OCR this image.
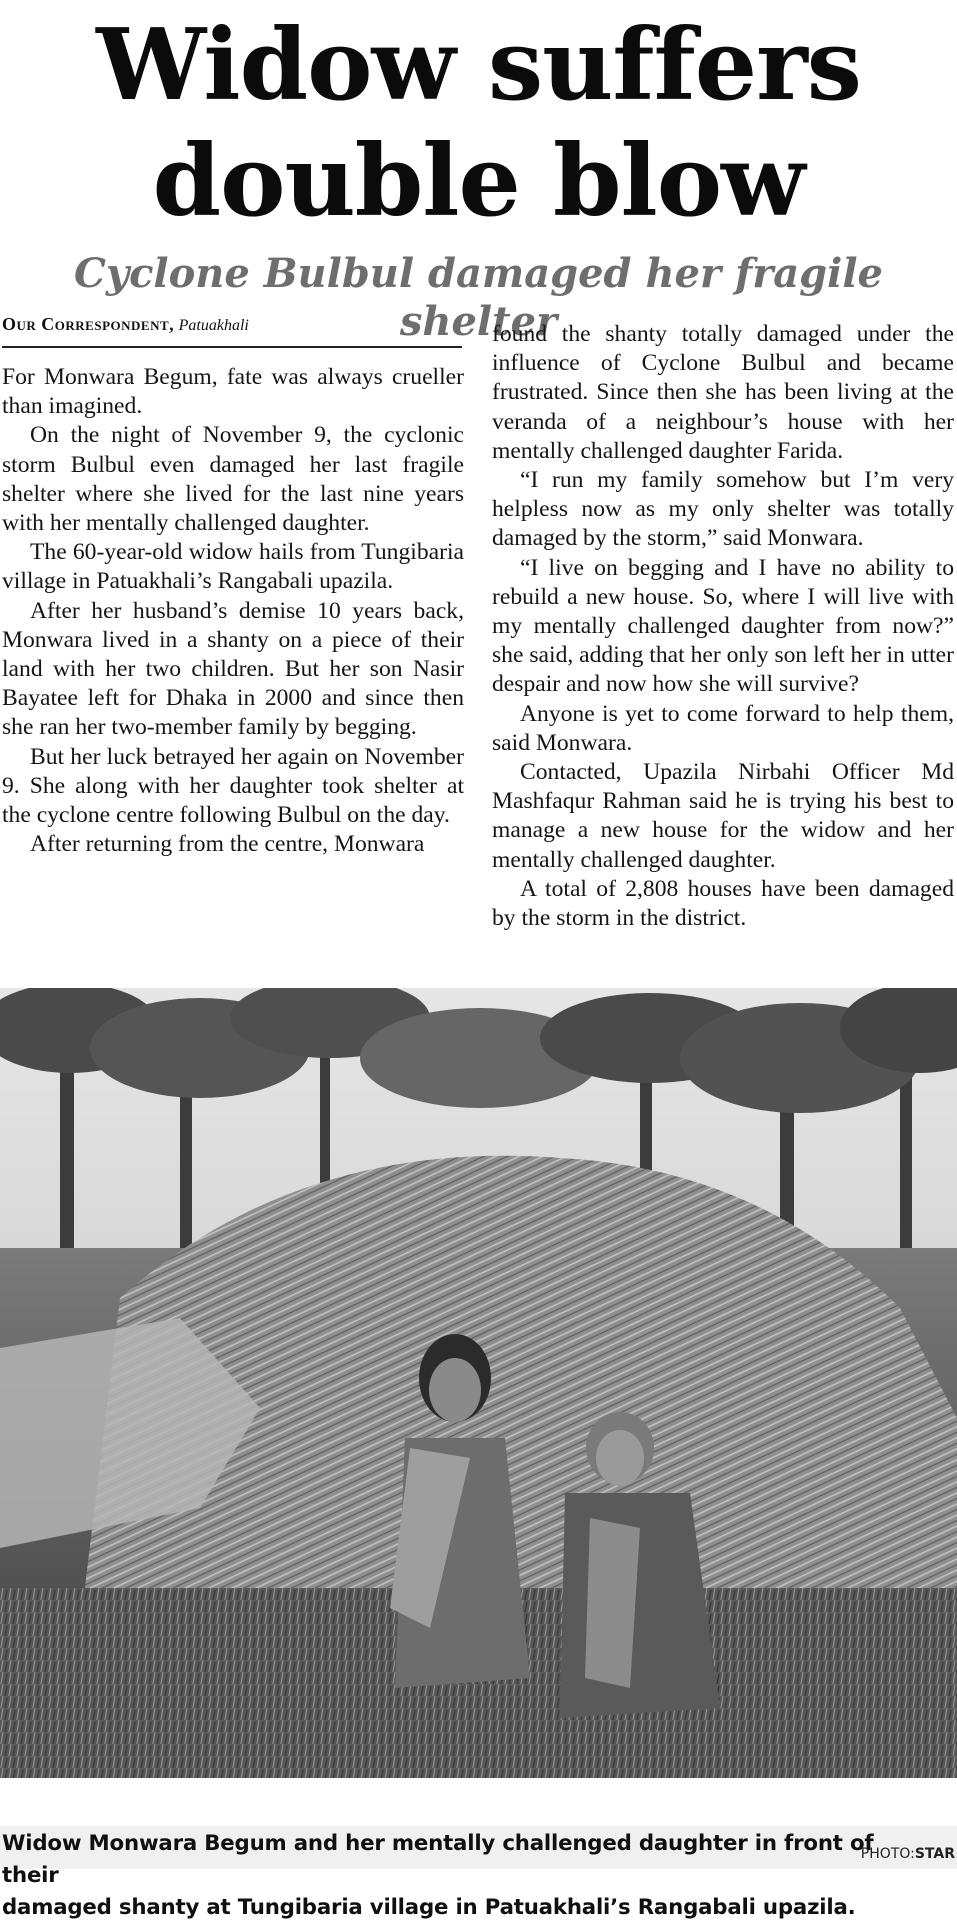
Widow suffers
double blow
Cyclone Bulbul damaged her fragile shelter
Our Correspondent, Patuakhali

For Monwara Begum, fate was always crueller than imagined.

On the night of November 9, the cyclonic storm Bulbul even damaged her last fragile shelter where she lived for the last nine years with her mentally challenged daughter.

The 60-year-old widow hails from Tungibaria village in Patuakhali’s Rangabali upazila.

After her husband’s demise 10 years back, Monwara lived in a shanty on a piece of their land with her two children. But her son Nasir Bayatee left for Dhaka in 2000 and since then she ran her two-member family by begging.

But her luck betrayed her again on November 9. She along with her daughter took shelter at the cyclone centre following Bulbul on the day.

After returning from the centre, Monwara

found the shanty totally damaged under the influence of Cyclone Bulbul and became frustrated. Since then she has been living at the veranda of a neighbour’s house with her mentally challenged daughter Farida.

“I run my family somehow but I’m very helpless now as my only shelter was totally damaged by the storm,” said Monwara.

“I live on begging and I have no ability to rebuild a new house. So, where I will live with my mentally challenged daughter from now?” she said, adding that her only son left her in utter despair and now how she will survive?

Anyone is yet to come forward to help them, said Monwara.

Contacted, Upazila Nirbahi Officer Md Mashfaqur Rahman said he is trying his best to manage a new house for the widow and her mentally challenged daughter.

A total of 2,808 houses have been damaged by the storm in the district.

Widow Monwara Begum and her mentally challenged daughter in front of their
damaged shanty at Tungibaria village in Patuakhali’s Rangabali upazila.
PHOTO:STAR
